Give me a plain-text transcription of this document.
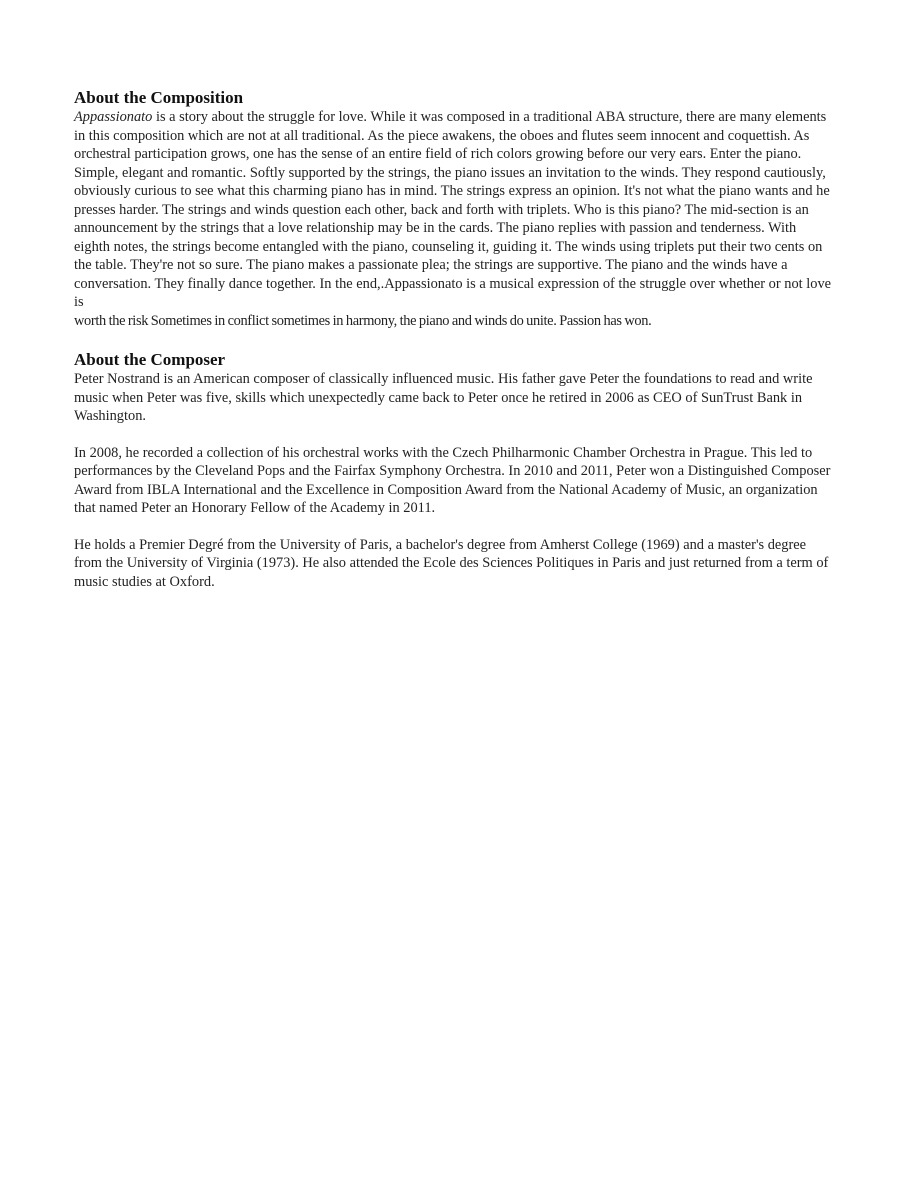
About the Composition

Appassionato is a story about the struggle for love. While it was composed in a traditional ABA structure, there are many elements in this composition which are not at all traditional. As the piece awakens, the oboes and flutes seem innocent and coquettish. As orchestral participation grows, one has the sense of an entire field of rich colors growing before our very ears. Enter the piano. Simple, elegant and romantic. Softly supported by the strings, the piano issues an invitation to the winds. They respond cautiously, obviously curious to see what this charming piano has in mind. The strings express an opinion. It's not what the piano wants and he presses harder. The strings and winds question each other, back and forth with triplets. Who is this piano? The mid-section is an announcement by the strings that a love relationship may be in the cards. The piano replies with passion and tenderness. With eighth notes, the strings become entangled with the piano, counseling it, guiding it. The winds using triplets put their two cents on the table. They're not so sure. The piano makes a passionate plea; the strings are supportive. The piano and the winds have a conversation. They finally dance together. In the end,.Appassionato is a musical expression of the struggle over whether or not love is
worth the risk Sometimes in conflict sometimes in harmony, the piano and winds do unite. Passion has won.

About the Composer

Peter Nostrand is an American composer of classically influenced music. His father gave Peter the foundations to read and write music when Peter was five, skills which unexpectedly came back to Peter once he retired in 2006 as CEO of SunTrust Bank in Washington.

In 2008, he recorded a collection of his orchestral works with the Czech Philharmonic Chamber Orchestra in Prague. This led to performances by the Cleveland Pops and the Fairfax Symphony Orchestra. In 2010 and 2011, Peter won a Distinguished Composer Award from IBLA International and the Excellence in Composition Award from the National Academy of Music, an organization that named Peter an Honorary Fellow of the Academy in 2011.

He holds a Premier Degré from the University of Paris, a bachelor's degree from Amherst College (1969) and a master's degree from the University of Virginia (1973). He also attended the Ecole des Sciences Politiques in Paris and just returned from a term of music studies at Oxford.
